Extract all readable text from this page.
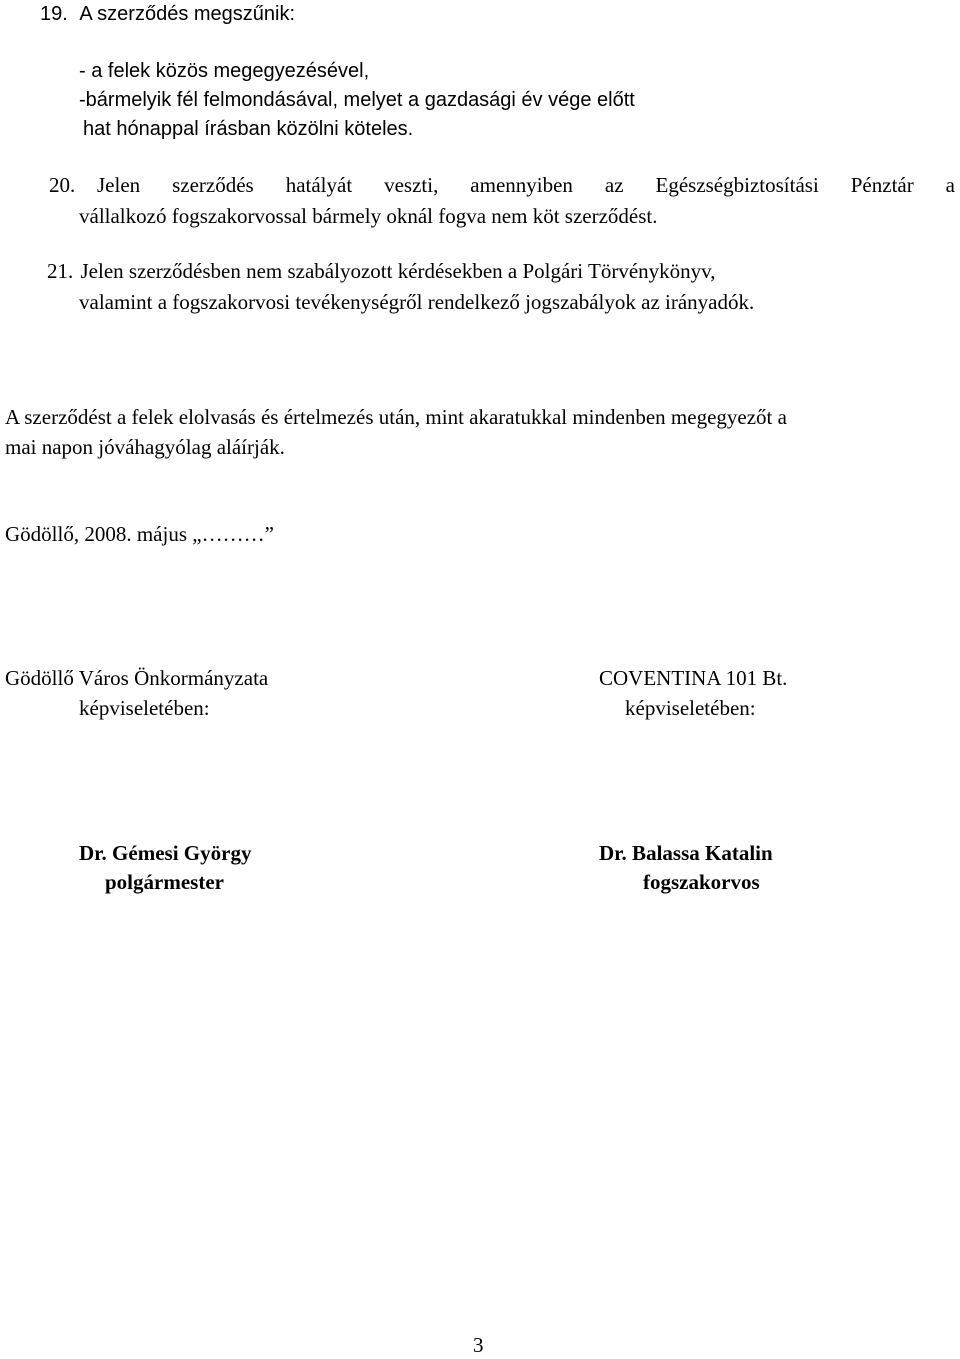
19. A szerződés megszűnik:
- a felek közös megegyezésével,
-bármelyik fél felmondásával, melyet a gazdasági év vége előtt
hat hónappal írásban közölni köteles.
20. Jelen szerződés hatályát veszti, amennyiben az Egészségbiztosítási Pénztár a
vállalkozó fogszakorvossal bármely oknál fogva nem köt szerződést.
21. Jelen szerződésben nem szabályozott kérdésekben a Polgári Törvénykönyv,
valamint a fogszakorvosi tevékenységről rendelkező jogszabályok az irányadók.
A szerződést a felek elolvasás és értelmezés után, mint akaratukkal mindenben megegyezőt a
mai napon jóváhagyólag aláírják.
Gödöllő, 2008. május „………”
Gödöllő Város Önkormányzata
képviseletében:
COVENTINA 101 Bt.
képviseletében:
Dr. Gémesi György
polgármester
Dr. Balassa Katalin
fogszakorvos
3
